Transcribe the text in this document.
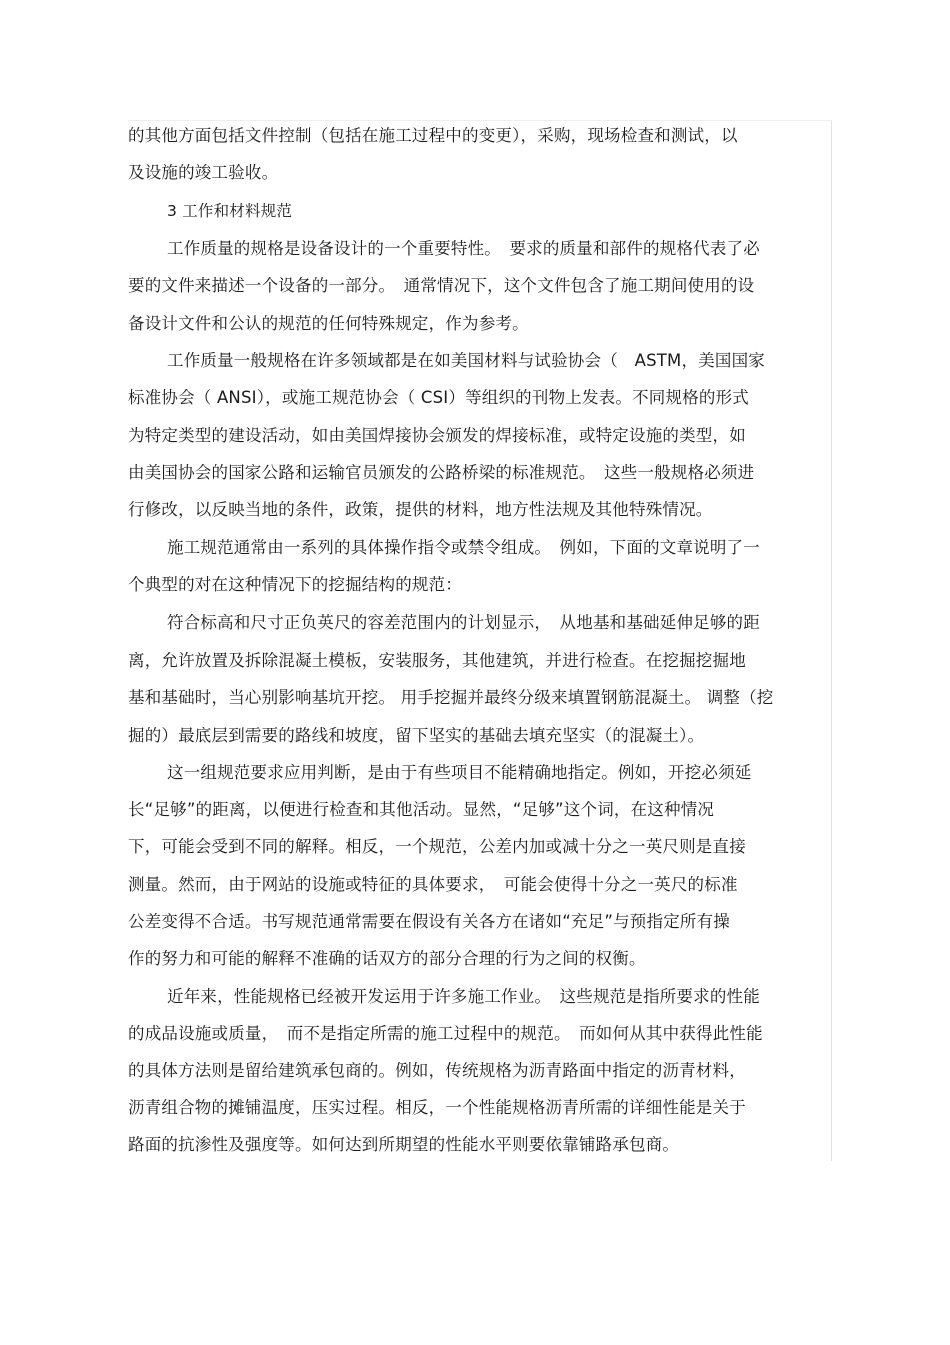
的其他方面包括文件控制（包括在施工过程中的变更），采购，现场检查和测试，以
及设施的竣工验收。
3 工作和材料规范
工作质量的规格是设备设计的一个重要特性。　要求的质量和部件的规格代表了必
要的文件来描述一个设备的一部分。　通常情况下，这个文件包含了施工期间使用的设
备设计文件和公认的规范的任何特殊规定，作为参考。
工作质量一般规格在许多领域都是在如美国材料与试验协会（　ASTM，美国国家
标准协会（ ANSI），或施工规范协会（ CSI）等组织的刊物上发表。不同规格的形式
为特定类型的建设活动，如由美国焊接协会颁发的焊接标准，或特定设施的类型，如
由美国协会的国家公路和运输官员颁发的公路桥梁的标准规范。　这些一般规格必须进
行修改，以反映当地的条件，政策，提供的材料，地方性法规及其他特殊情况。
施工规范通常由一系列的具体操作指令或禁令组成。　例如，下面的文章说明了一
个典型的对在这种情况下的挖掘结构的规范：
符合标高和尺寸正负英尺的容差范围内的计划显示，　从地基和基础延伸足够的距
离，允许放置及拆除混凝土模板，安装服务，其他建筑，并进行检查。在挖掘挖掘地
基和基础时，当心别影响基坑开挖。 用手挖掘并最终分级来填置钢筋混凝土。 调整（挖
掘的）最底层到需要的路线和坡度，留下坚实的基础去填充坚实（的混凝土）。
这一组规范要求应用判断，是由于有些项目不能精确地指定。例如，开挖必须延
长“足够”的距离，以便进行检查和其他活动。显然，“足够”这个词，在这种情况
下，可能会受到不同的解释。相反，一个规范，公差内加或减十分之一英尺则是直接
测量。然而，由于网站的设施或特征的具体要求，　可能会使得十分之一英尺的标准
公差变得不合适。书写规范通常需要在假设有关各方在诸如“充足”与预指定所有操
作的努力和可能的解释不准确的话双方的部分合理的行为之间的权衡。
近年来，性能规格已经被开发运用于许多施工作业。　这些规范是指所要求的性能
的成品设施或质量，　而不是指定所需的施工过程中的规范。　而如何从其中获得此性能
的具体方法则是留给建筑承包商的。例如，传统规格为沥青路面中指定的沥青材料，
沥青组合物的摊铺温度，压实过程。相反，一个性能规格沥青所需的详细性能是关于
路面的抗渗性及强度等。如何达到所期望的性能水平则要依靠铺路承包商。
